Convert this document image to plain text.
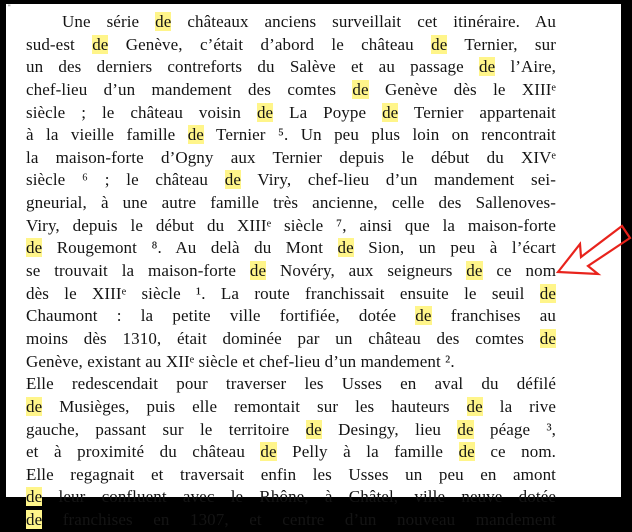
"
Une série de châteaux anciens surveillait cet itinéraire. Au
sud-est de Genève, c’était d’abord le château de Ternier, sur
un des derniers contreforts du Salève et au passage de l’Aire,
chef-lieu d’un mandement des comtes de Genève dès le XIIIᵉ
siècle ; le château voisin de La Poype de Ternier appartenait
à la vieille famille de Ternier ⁵. Un peu plus loin on rencontrait
la maison-forte d’Ogny aux Ternier depuis le début du XIVᵉ
siècle ⁶ ; le château de Viry, chef-lieu d’un mandement sei-
gneurial, à une autre famille très ancienne, celle des Sallenoves-
Viry, depuis le début du XIIIᵉ siècle ⁷, ainsi que la maison-forte
de Rougemont ⁸. Au delà du Mont de Sion, un peu à l’écart
se trouvait la maison-forte de Novéry, aux seigneurs de ce nom
dès le XIIIᵉ siècle ¹. La route franchissait ensuite le seuil de
Chaumont : la petite ville fortifiée, dotée de franchises au
moins dès 1310, était dominée par un château des comtes de
Genève, existant au XIIᵉ siècle et chef-lieu d’un mandement ².
Elle redescendait pour traverser les Usses en aval du défilé
de Musièges, puis elle remontait sur les hauteurs de la rive
gauche, passant sur le territoire de Desingy, lieu de péage ³,
et à proximité du château de Pelly à la famille de ce nom.
Elle regagnait et traversait enfin les Usses un peu en amont
de leur confluent avec le Rhône, à Châtel, ville neuve dotée
de franchises en 1307, et centre d’un nouveau mandement
